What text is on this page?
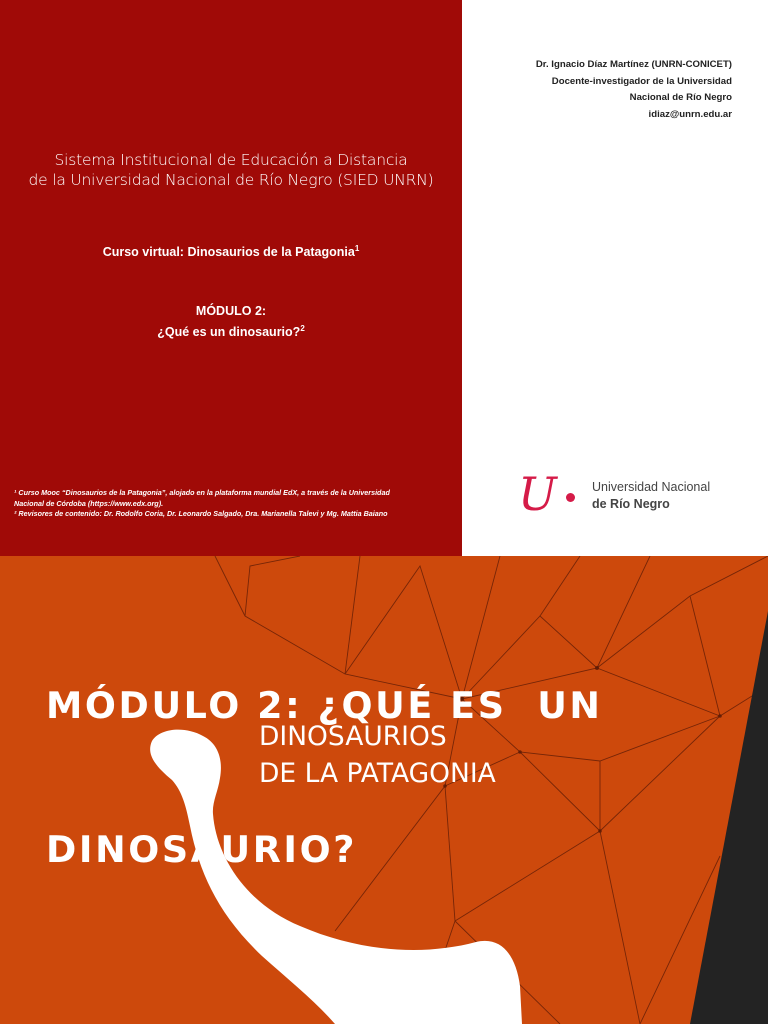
Sistema Institucional de Educación a Distancia
de la Universidad Nacional de Río Negro (SIED UNRN)
Curso virtual: Dinosaurios de la Patagonia$^1$
MÓDULO 2:
¿Qué es un dinosaurio?$^2$
¹ Curso Mooc “Dinosaurios de la Patagonia”, alojado en la plataforma mundial EdX, a través de la Universidad
Nacional de Córdoba (https://www.edx.org).
² Revisores de contenido: Dr. Rodolfo Coria, Dr. Leonardo Salgado, Dra. Marianella Talevi y Mg. Mattia Baiano
Dr. Ignacio Díaz Martínez (UNRN-CONICET)
Docente-investigador de la Universidad
Nacional de Río Negro
idiaz@unrn.edu.ar
U	Universidad Nacional
de Río Negro

MÓDULO 2: ¿QUÉ ES  UN

DINOSAURIO?

DINOSAURIOS
DE LA PATAGONIA
